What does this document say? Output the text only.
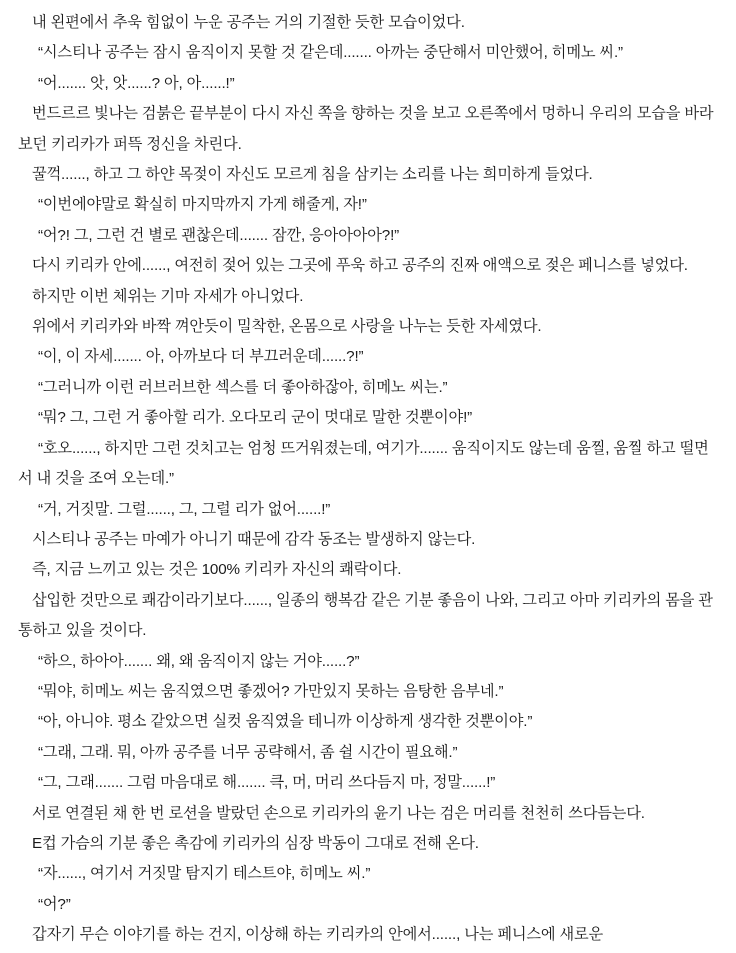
내 왼편에서 추욱 힘없이 누운 공주는 거의 기절한 듯한 모습이었다.
“시스티나 공주는 잠시 움직이지 못할 것 같은데....... 아까는 중단해서 미안했어, 히메노 씨.”
“어....... 앗, 앗......? 아, 아......!”
번드르르 빛나는 검붉은 끝부분이 다시 자신 쪽을 향하는 것을 보고 오른쪽에서 멍하니 우리의 모습을 바라보던 키리카가 퍼뜩 정신을 차린다.
꿀꺽......, 하고 그 하얀 목젖이 자신도 모르게 침을 삼키는 소리를 나는 희미하게 들었다.
“이번에야말로 확실히 마지막까지 가게 해줄게, 자!”
“어?! 그, 그런 건 별로 괜찮은데....... 잠깐, 응아아아아?!”
다시 키리카 안에......, 여전히 젖어 있는 그곳에 푸욱 하고 공주의 진짜 애액으로 젖은 페니스를 넣었다.
하지만 이번 체위는 기마 자세가 아니었다.
위에서 키리카와 바짝 껴안듯이 밀착한, 온몸으로 사랑을 나누는 듯한 자세였다.
“이, 이 자세....... 아, 아까보다 더 부끄러운데......?!”
“그러니까 이런 러브러브한 섹스를 더 좋아하잖아, 히메노 씨는.”
“뭐? 그, 그런 거 좋아할 리가. 오다모리 군이 멋대로 말한 것뿐이야!”
“호오......, 하지만 그런 것치고는 엄청 뜨거워졌는데, 여기가....... 움직이지도 않는데 움찔, 움찔 하고 떨면서 내 것을 조여 오는데.”
“거, 거짓말. 그럴......, 그, 그럴 리가 없어......!”
시스티나 공주는 마예가 아니기 때문에 감각 동조는 발생하지 않는다.
즉, 지금 느끼고 있는 것은 100% 키리카 자신의 쾌락이다.
삽입한 것만으로 쾌감이라기보다......, 일종의 행복감 같은 기분 좋음이 나와, 그리고 아마 키리카의 몸을 관통하고 있을 것이다.
“하으, 하아아....... 왜, 왜 움직이지 않는 거야......?”
“뭐야, 히메노 씨는 움직였으면 좋겠어? 가만있지 못하는 음탕한 음부네.”
“아, 아니야. 평소 같았으면 실컷 움직였을 테니까 이상하게 생각한 것뿐이야.”
“그래, 그래. 뭐, 아까 공주를 너무 공략해서, 좀 쉴 시간이 필요해.”
“그, 그래....... 그럼 마음대로 해....... 큭, 머, 머리 쓰다듬지 마, 정말......!”
서로 연결된 채 한 번 로션을 발랐던 손으로 키리카의 윤기 나는 검은 머리를 천천히 쓰다듬는다.
E컵 가슴의 기분 좋은 촉감에 키리카의 심장 박동이 그대로 전해 온다.
“자......, 여기서 거짓말 탐지기 테스트야, 히메노 씨.”
“어?”
갑자기 무슨 이야기를 하는 건지, 이상해 하는 키리카의 안에서......, 나는 페니스에 새로운
